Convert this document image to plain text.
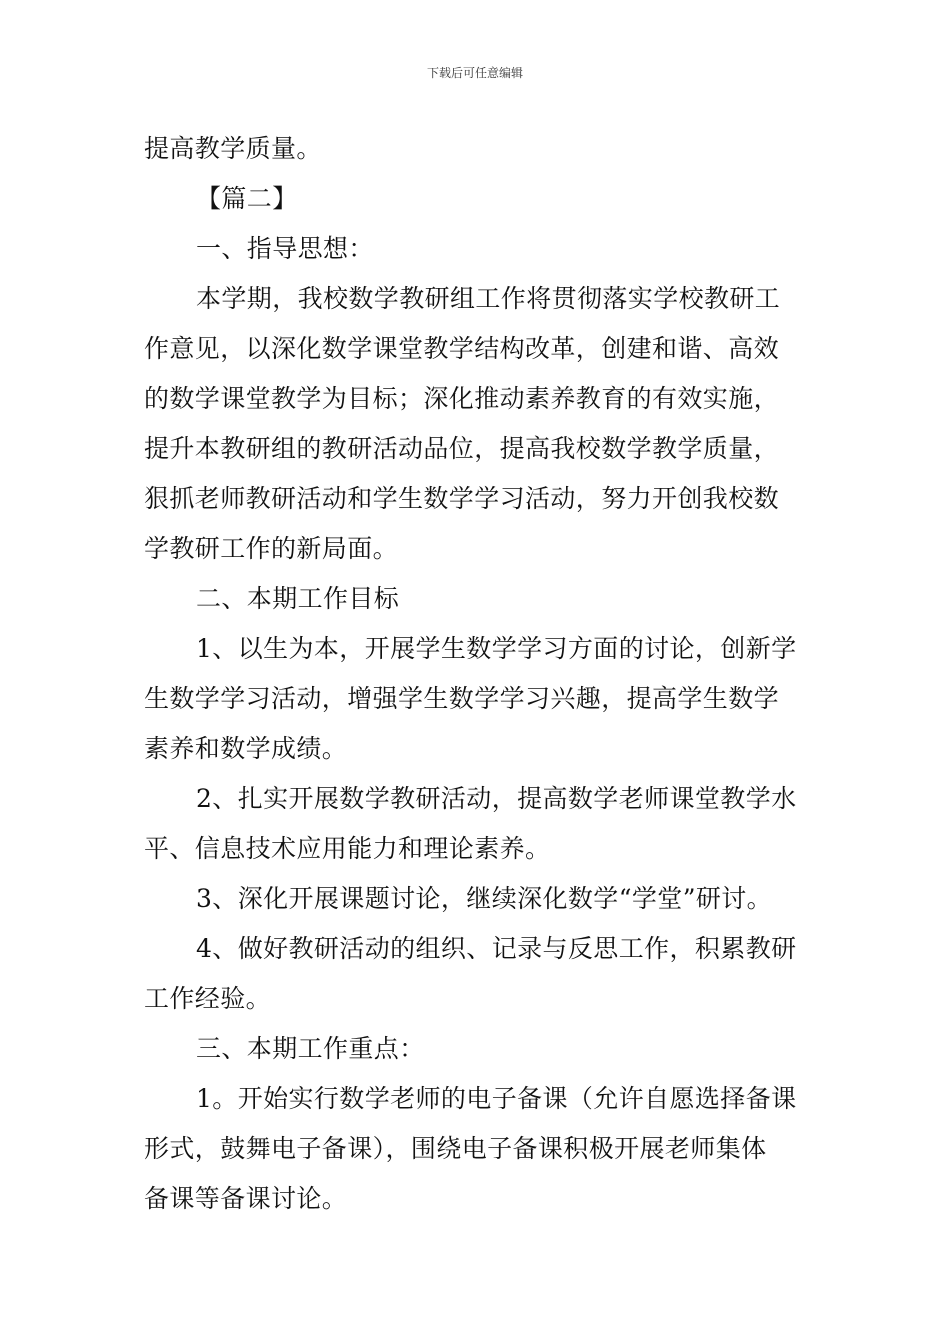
下载后可任意编辑
提高教学质量。
【篇二】
一、指导思想：
本学期，我校数学教研组工作将贯彻落实学校教研工
作意见，以深化数学课堂教学结构改革，创建和谐、高效
的数学课堂教学为目标；深化推动素养教育的有效实施，
提升本教研组的教研活动品位，提高我校数学教学质量，
狠抓老师教研活动和学生数学学习活动，努力开创我校数
学教研工作的新局面。
二、本期工作目标
1、以生为本，开展学生数学学习方面的讨论，创新学
生数学学习活动，增强学生数学学习兴趣，提高学生数学
素养和数学成绩。
2、扎实开展数学教研活动，提高数学老师课堂教学水
平、信息技术应用能力和理论素养。
3、深化开展课题讨论，继续深化数学“学堂”研讨。
4、做好教研活动的组织、记录与反思工作，积累教研
工作经验。
三、本期工作重点：
1。开始实行数学老师的电子备课（允许自愿选择备课
形式，鼓舞电子备课），围绕电子备课积极开展老师集体
备课等备课讨论。
